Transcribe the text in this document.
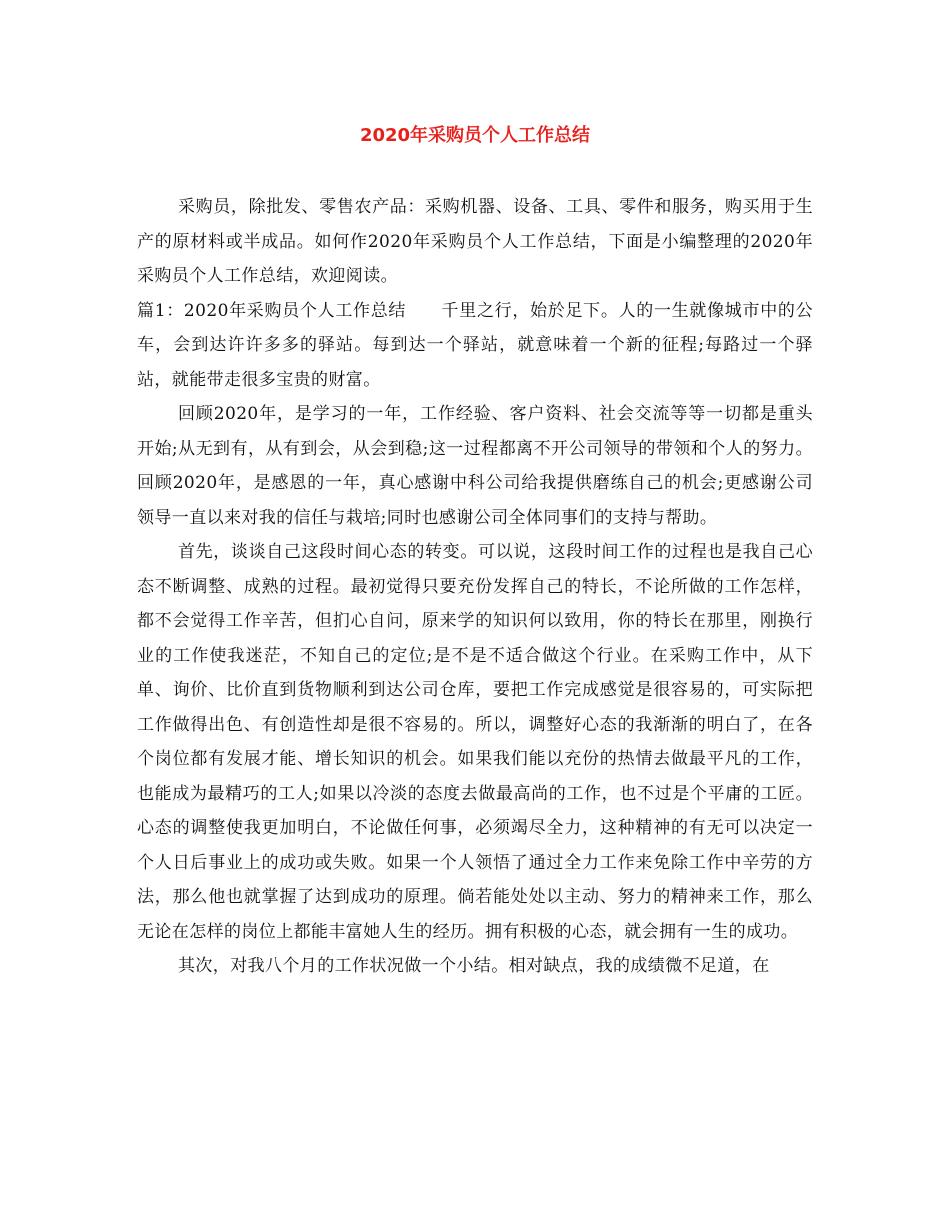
2020年采购员个人工作总结

采购员，除批发、零售农产品：采购机器、设备、工具、零件和服务，购买用于生产的原材料或半成品。如何作2020年采购员个人工作总结，下面是小编整理的2020年采购员个人工作总结，欢迎阅读。

篇1：2020年采购员个人工作总结　　千里之行，始於足下。人的一生就像城市中的公车，会到达许许多多的驿站。每到达一个驿站，就意味着一个新的征程;每路过一个驿站，就能带走很多宝贵的财富。

回顾2020年，是学习的一年，工作经验、客户资料、社会交流等等一切都是重头开始;从无到有，从有到会，从会到稳;这一过程都离不开公司领导的带领和个人的努力。回顾2020年，是感恩的一年，真心感谢中科公司给我提供磨练自己的机会;更感谢公司领导一直以来对我的信任与栽培;同时也感谢公司全体同事们的支持与帮助。

首先，谈谈自己这段时间心态的转变。可以说，这段时间工作的过程也是我自己心态不断调整、成熟的过程。最初觉得只要充份发挥自己的特长，不论所做的工作怎样，都不会觉得工作辛苦，但扪心自问，原来学的知识何以致用，你的特长在那里，刚换行业的工作使我迷茫，不知自己的定位;是不是不适合做这个行业。在采购工作中，从下单、询价、比价直到货物顺利到达公司仓库，要把工作完成感觉是很容易的，可实际把工作做得出色、有创造性却是很不容易的。所以，调整好心态的我渐渐的明白了，在各个岗位都有发展才能、增长知识的机会。如果我们能以充份的热情去做最平凡的工作，也能成为最精巧的工人;如果以冷淡的态度去做最高尚的工作，也不过是个平庸的工匠。心态的调整使我更加明白，不论做任何事，必须竭尽全力，这种精神的有无可以决定一个人日后事业上的成功或失败。如果一个人领悟了通过全力工作来免除工作中辛劳的方法，那么他也就掌握了达到成功的原理。倘若能处处以主动、努力的精神来工作，那么无论在怎样的岗位上都能丰富她人生的经历。拥有积极的心态，就会拥有一生的成功。

其次，对我八个月的工作状况做一个小结。相对缺点，我的成绩微不足道，在
